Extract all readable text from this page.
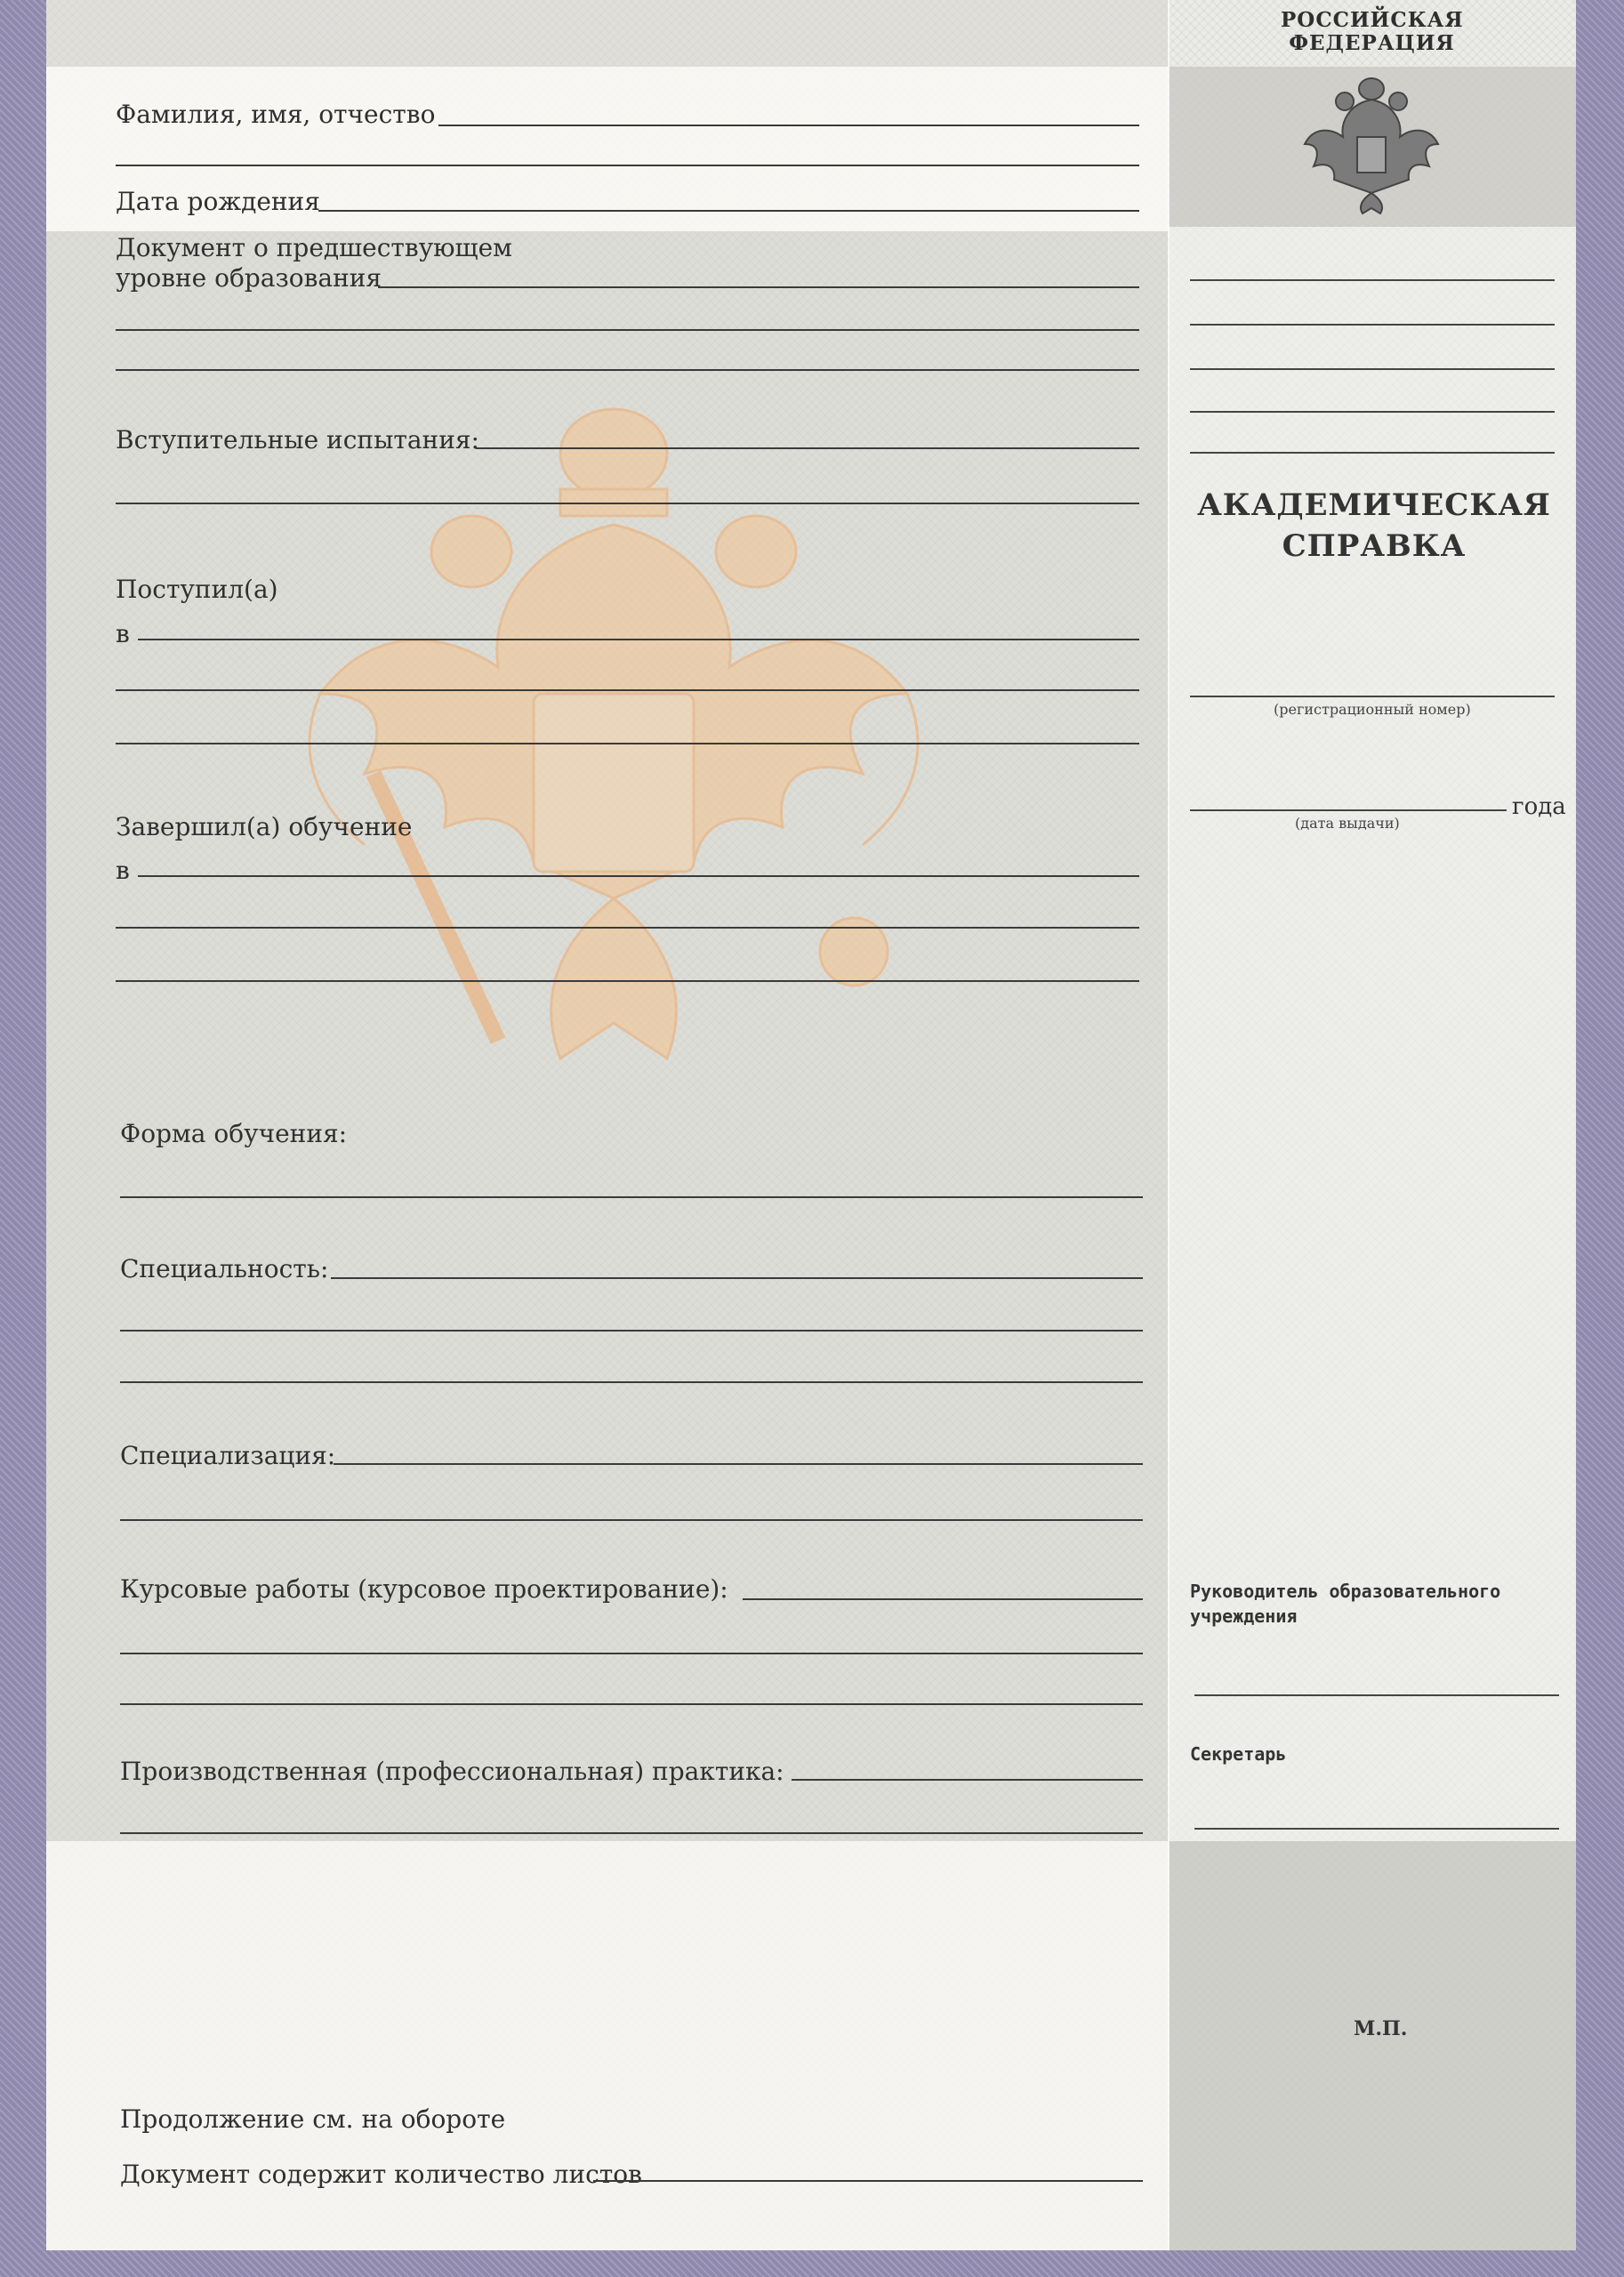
РОССИЙСКАЯ
ФЕДЕРАЦИЯ
АКАДЕМИЧЕСКАЯ
СПРАВКА
(регистрационный номер)
года
(дата выдачи)
Руководитель образовательного
учреждения
Секретарь
М.П.
Фамилия, имя, отчество
Дата рождения
Документ о предшествующем
уровне образования
Вступительные испытания:
Поступил(а)
в
Завершил(а) обучение
в
Форма обучения:
Специальность:
Специализация:
Курсовые работы (курсовое проектирование):
Производственная (профессиональная) практика:
Продолжение см. на обороте
Документ содержит количество листов
